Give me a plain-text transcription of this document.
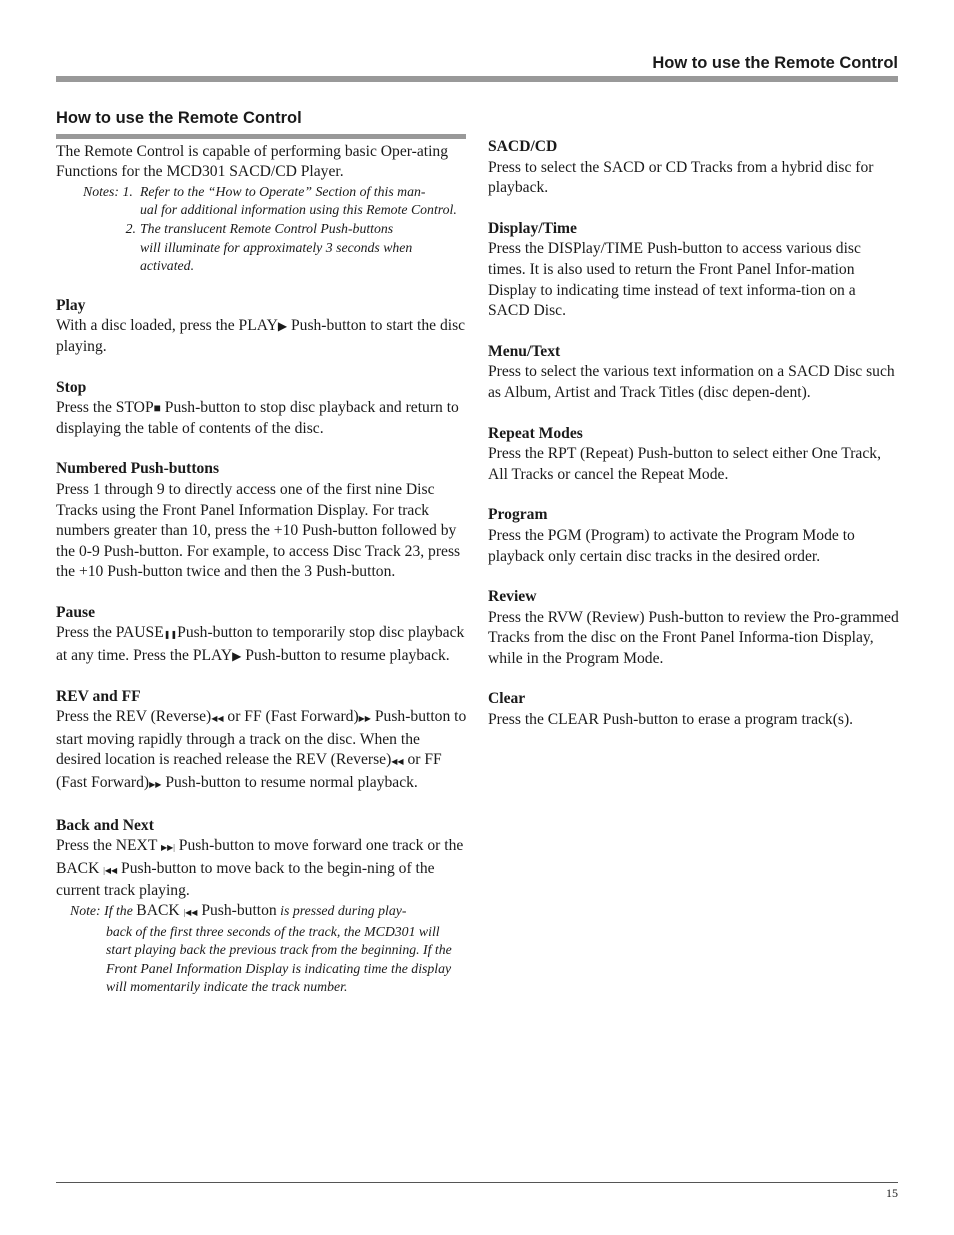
How to use the Remote Control
How to use the Remote Control

The Remote Control is capable of performing basic Oper-ating Functions for the MCD301 SACD/CD Player.

Notes: 1. Refer to the “How to Operate” Section of this man-
ual for additional information using this Remote Control.
2. The translucent Remote Control Push-buttons
will illuminate for approximately 3 seconds when activated.

Play

With a disc loaded, press the PLAY▶ Push-button to start the disc playing.

Stop

Press the STOP■ Push-button to stop disc playback and return to displaying the table of contents of the disc.

Numbered Push-buttons

Press 1 through 9 to directly access one of the first nine Disc Tracks using the Front Panel Information Display. For track numbers greater than 10, press the +10 Push-button followed by the 0-9 Push-button. For example, to access Disc Track 23, press the +10 Push-button twice and then the 3 Push-button.

Pause

Press the PAUSE❚❚Push-button to temporarily stop disc playback at any time. Press the PLAY▶ Push-button to resume playback.

REV and FF

Press the REV (Reverse)◀◀ or FF (Fast Forward)▶▶ Push-button to start moving rapidly through a track on the disc. When the desired location is reached release the REV (Reverse)◀◀ or FF (Fast Forward)▶▶ Push-button to resume normal playback.

Back and Next

Press the NEXT ▶▶| Push-button to move forward one track or the BACK |◀◀ Push-button to move back to the begin-ning of the current track playing.

Note: If the BACK |◀◀ Push-button is pressed during play-
back of the first three seconds of the track, the MCD301 will start playing back the previous track from the beginning. If the Front Panel Information Display is indicating time the display will momentarily indicate the track number.

SACD/CD

Press to select the SACD or CD Tracks from a hybrid disc for playback.

Display/Time

Press the DISPlay/TIME Push-button to access various disc times. It is also used to return the Front Panel Infor-mation Display to indicating time instead of text informa-tion on a SACD Disc.

Menu/Text

Press to select the various text information on a SACD Disc such as Album, Artist and Track Titles (disc depen-dent).

Repeat Modes

Press the RPT (Repeat) Push-button to select either One Track, All Tracks or cancel the Repeat Mode.

Program

Press the PGM (Program) to activate the Program Mode to playback only certain disc tracks in the desired order.

Review

Press the RVW (Review) Push-button to review the Pro-grammed Tracks from the disc on the Front Panel Informa-tion Display, while in the Program Mode.

Clear

Press the CLEAR Push-button to erase a program track(s).

15
